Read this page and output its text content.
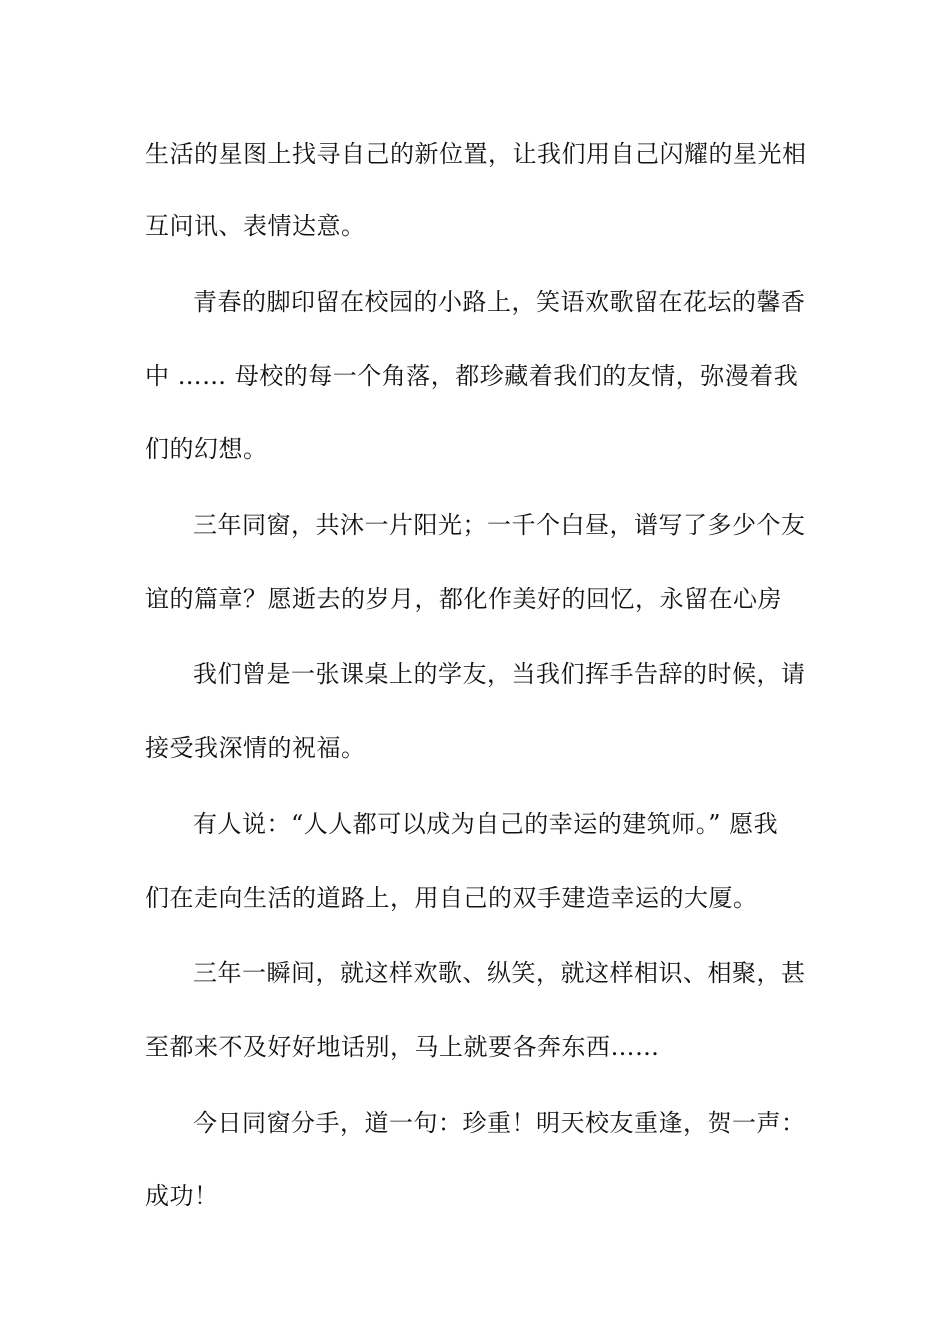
生活的星图上找寻自己的新位置，让我们用自己闪耀的星光相
互问讯、表情达意。
青春的脚印留在校园的小路上，笑语欢歌留在花坛的馨香
中 …… 母校的每一个角落，都珍藏着我们的友情，弥漫着我
们的幻想。
三年同窗，共沐一片阳光；一千个白昼，谱写了多少个友
谊的篇章？愿逝去的岁月，都化作美好的回忆，永留在心房
我们曾是一张课桌上的学友，当我们挥手告辞的时候，请
接受我深情的祝福。
有人说：“人人都可以成为自己的幸运的建筑师。” 愿我
们在走向生活的道路上，用自己的双手建造幸运的大厦。
三年一瞬间，就这样欢歌、纵笑，就这样相识、相聚，甚
至都来不及好好地话别，马上就要各奔东西……
今日同窗分手，道一句：珍重！明天校友重逢，贺一声：
成功！
